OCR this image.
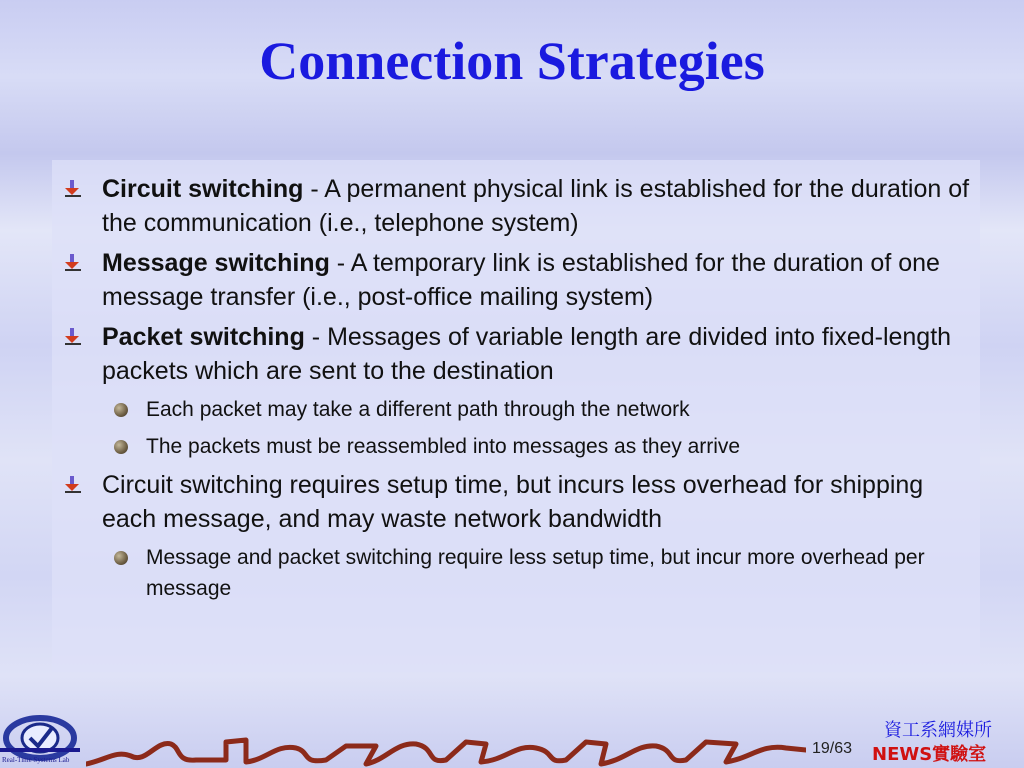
Connection Strategies
Circuit switching - A permanent physical link is established for the duration of the communication (i.e., telephone system)
Message switching - A temporary link is established for the duration of one message transfer (i.e., post-office mailing system)
Packet switching - Messages of variable length are divided into fixed-length packets which are sent to the destination
Each packet may take a different path through the network
The packets must be reassembled into messages as they arrive
Circuit switching requires setup time, but incurs less overhead for shipping each message, and may waste network bandwidth
Message and packet switching require less setup time, but incur more overhead per message
Real-Time Systems Lab
19/63
資工系網媒所
NEWS實驗室
